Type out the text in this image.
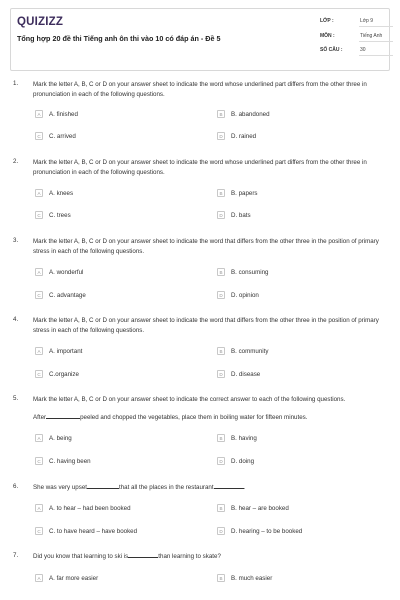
QUIZIZZ
Tổng hợp 20 đề thi Tiếng anh ôn thi vào 10 có đáp án - Đề 5
LỚP :	Lớp 9
MÔN :	Tiếng Anh
SỐ CÂU :	30
1. Mark the letter A, B, C or D on your answer sheet to indicate the word whose underlined part differs from the other three in pronunciation in each of the following questions.
A	A. finished	B	B. abandoned
C	C. arrived	D	D. rained
2. Mark the letter A, B, C or D on your answer sheet to indicate the word whose underlined part differs from the other three in pronunciation in each of the following questions.
A	A. knees	B	B. papers
C	C. trees	D	D. bats
3. Mark the letter A, B, C or D on your answer sheet to indicate the word that differs from the other three in the position of primary stress in each of the following questions.
A	A. wonderful	B	B. consuming
C	C. advantage	D	D. opinion
4. Mark the letter A, B, C or D on your answer sheet to indicate the word that differs from the other three in the position of primary stress in each of the following questions.
A	A. important	B	B. community
C	C.organize	D	D. disease
5. Mark the letter A, B, C or D on your answer sheet to indicate the correct answer to each of the following questions.
After	peeled and chopped the vegetables, place them in boiling water for fifteen minutes.
A	A. being	B	B. having
C	C. having been	D	D. doing
6. She was very upset	that all the places in the restaurant	.
A	A. to hear – had been booked	B	B. hear – are booked
C	C. to have heard – have booked	D	D. hearing – to be booked
7. Did you know that learning to ski is	than learning to skate?
A	A. far more easier	B	B. much easier
